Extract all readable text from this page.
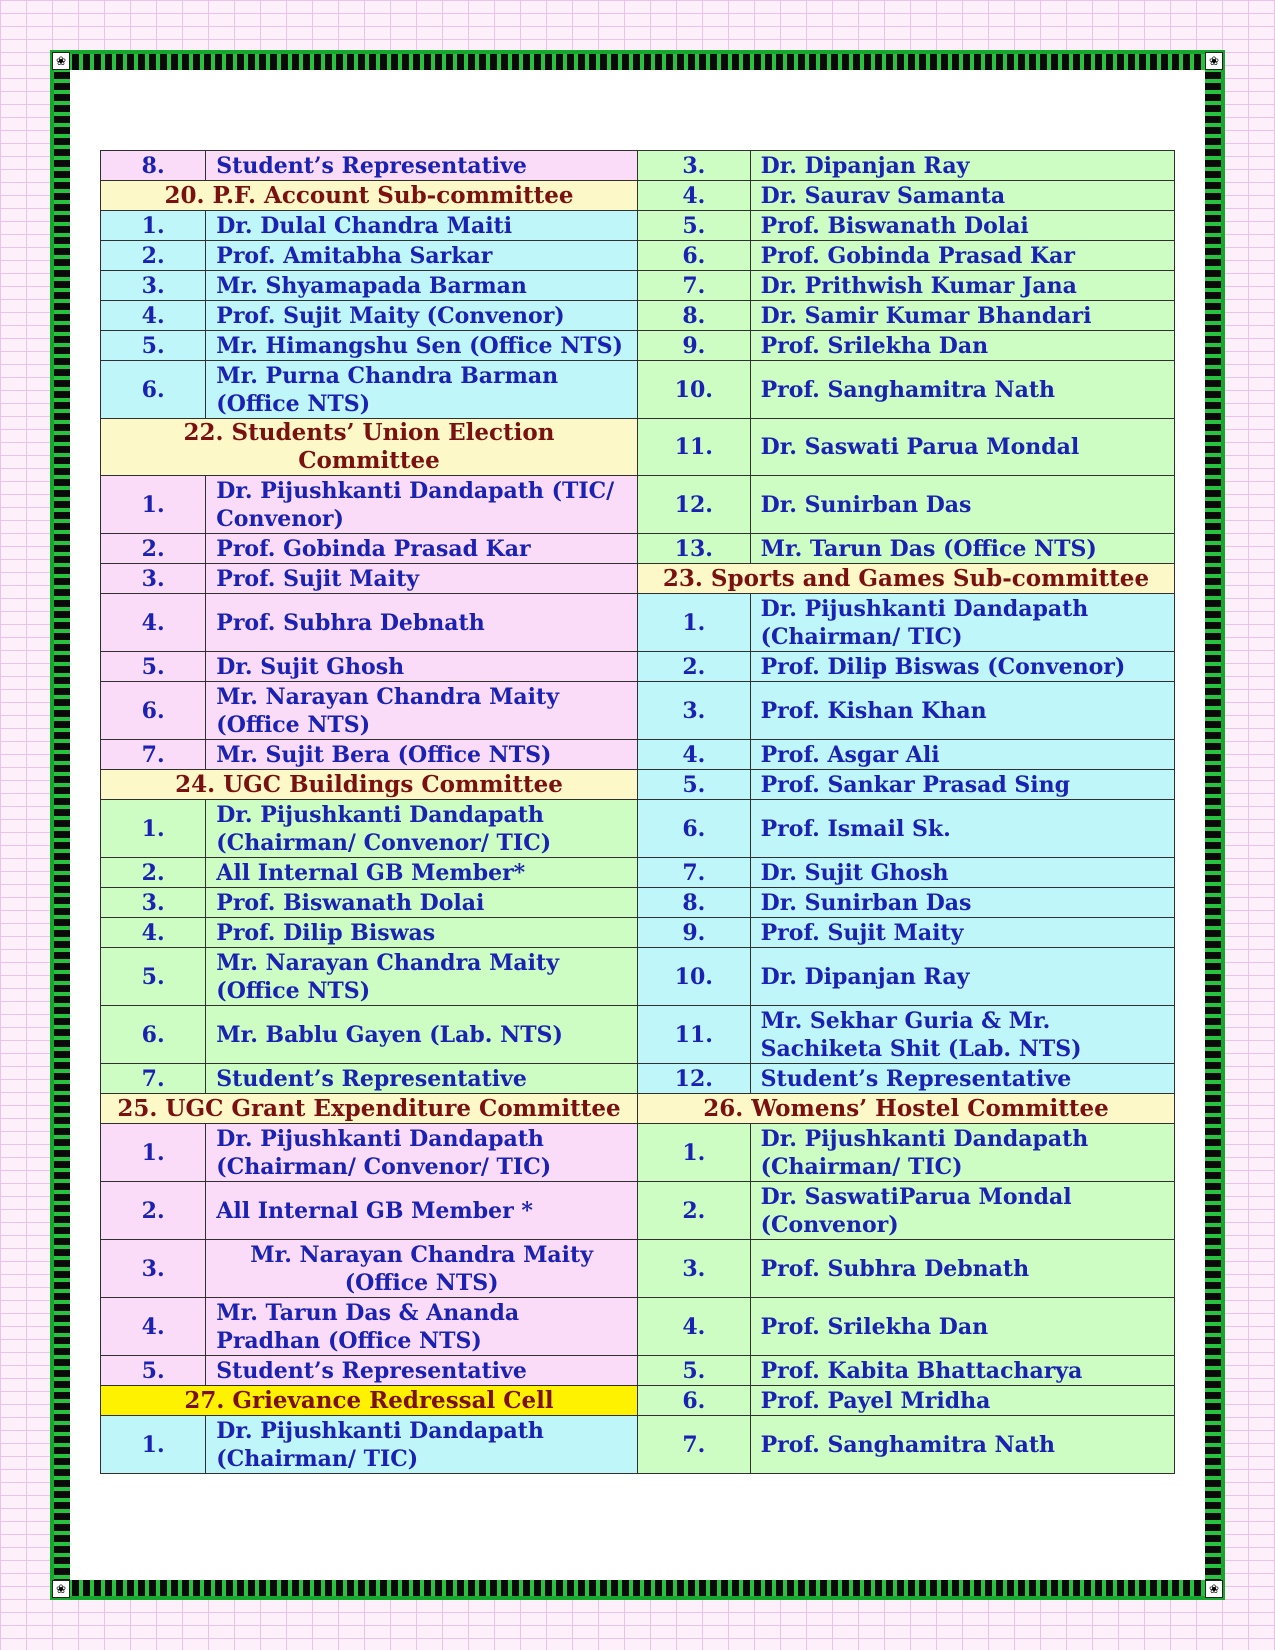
❀	❀
❀	❀
8.	Student’s Representative	3.	Dr. Dipanjan Ray
20. P.F. Account Sub-committee		4.	Dr. Saurav Samanta
1.	Dr. Dulal Chandra Maiti	5.	Prof. Biswanath Dolai
2.	Prof. Amitabha Sarkar	6.	Prof. Gobinda Prasad Kar
3.	Mr. Shyamapada Barman	7.	Dr. Prithwish Kumar Jana
4.	Prof. Sujit Maity (Convenor)	8.	Dr. Samir Kumar Bhandari
5.	Mr. Himangshu Sen (Office NTS)	9.	Prof. Srilekha Dan
6.	Mr. Purna Chandra Barman (Office NTS)	10.	Prof. Sanghamitra Nath
22. Students’ Union Election Committee		11.	Dr. Saswati Parua Mondal
1.	Dr. Pijushkanti Dandapath (TIC/ Convenor)	12.	Dr. Sunirban Das
2.	Prof. Gobinda Prasad Kar	13.	Mr. Tarun Das (Office NTS)
3.	Prof. Sujit Maity	23. Sports and Games Sub-committee	
4.	Prof. Subhra Debnath	1.	Dr. Pijushkanti Dandapath (Chairman/ TIC)
5.	Dr. Sujit Ghosh	2.	Prof. Dilip Biswas (Convenor)
6.	Mr. Narayan Chandra Maity (Office NTS)	3.	Prof. Kishan Khan
7.	Mr. Sujit Bera (Office NTS)	4.	Prof. Asgar Ali
24. UGC Buildings Committee		5.	Prof. Sankar Prasad Sing
1.	Dr. Pijushkanti Dandapath (Chairman/ Convenor/ TIC)	6.	Prof. Ismail Sk.
2.	All Internal GB Member*	7.	Dr. Sujit Ghosh
3.	Prof. Biswanath Dolai	8.	Dr. Sunirban Das
4.	Prof. Dilip Biswas	9.	Prof. Sujit Maity
5.	Mr. Narayan Chandra Maity (Office NTS)	10.	Dr. Dipanjan Ray
6.	Mr. Bablu Gayen (Lab. NTS)	11.	Mr. Sekhar Guria & Mr. Sachiketa Shit (Lab. NTS)
7.	Student’s Representative	12.	Student’s Representative
25. UGC Grant Expenditure Committee		26. Womens’ Hostel Committee	
1.	Dr. Pijushkanti Dandapath (Chairman/ Convenor/ TIC)	1.	Dr. Pijushkanti Dandapath (Chairman/ TIC)
2.	All Internal GB Member *	2.	Dr. SaswatiParua Mondal (Convenor)
3.	Mr. Narayan Chandra Maity (Office NTS)	3.	Prof. Subhra Debnath
4.	Mr. Tarun Das & Ananda Pradhan (Office NTS)	4.	Prof. Srilekha Dan
5.	Student’s Representative	5.	Prof. Kabita Bhattacharya
27. Grievance Redressal Cell		6.	Prof. Payel Mridha
1.	Dr. Pijushkanti Dandapath (Chairman/ TIC)	7.	Prof. Sanghamitra Nath
